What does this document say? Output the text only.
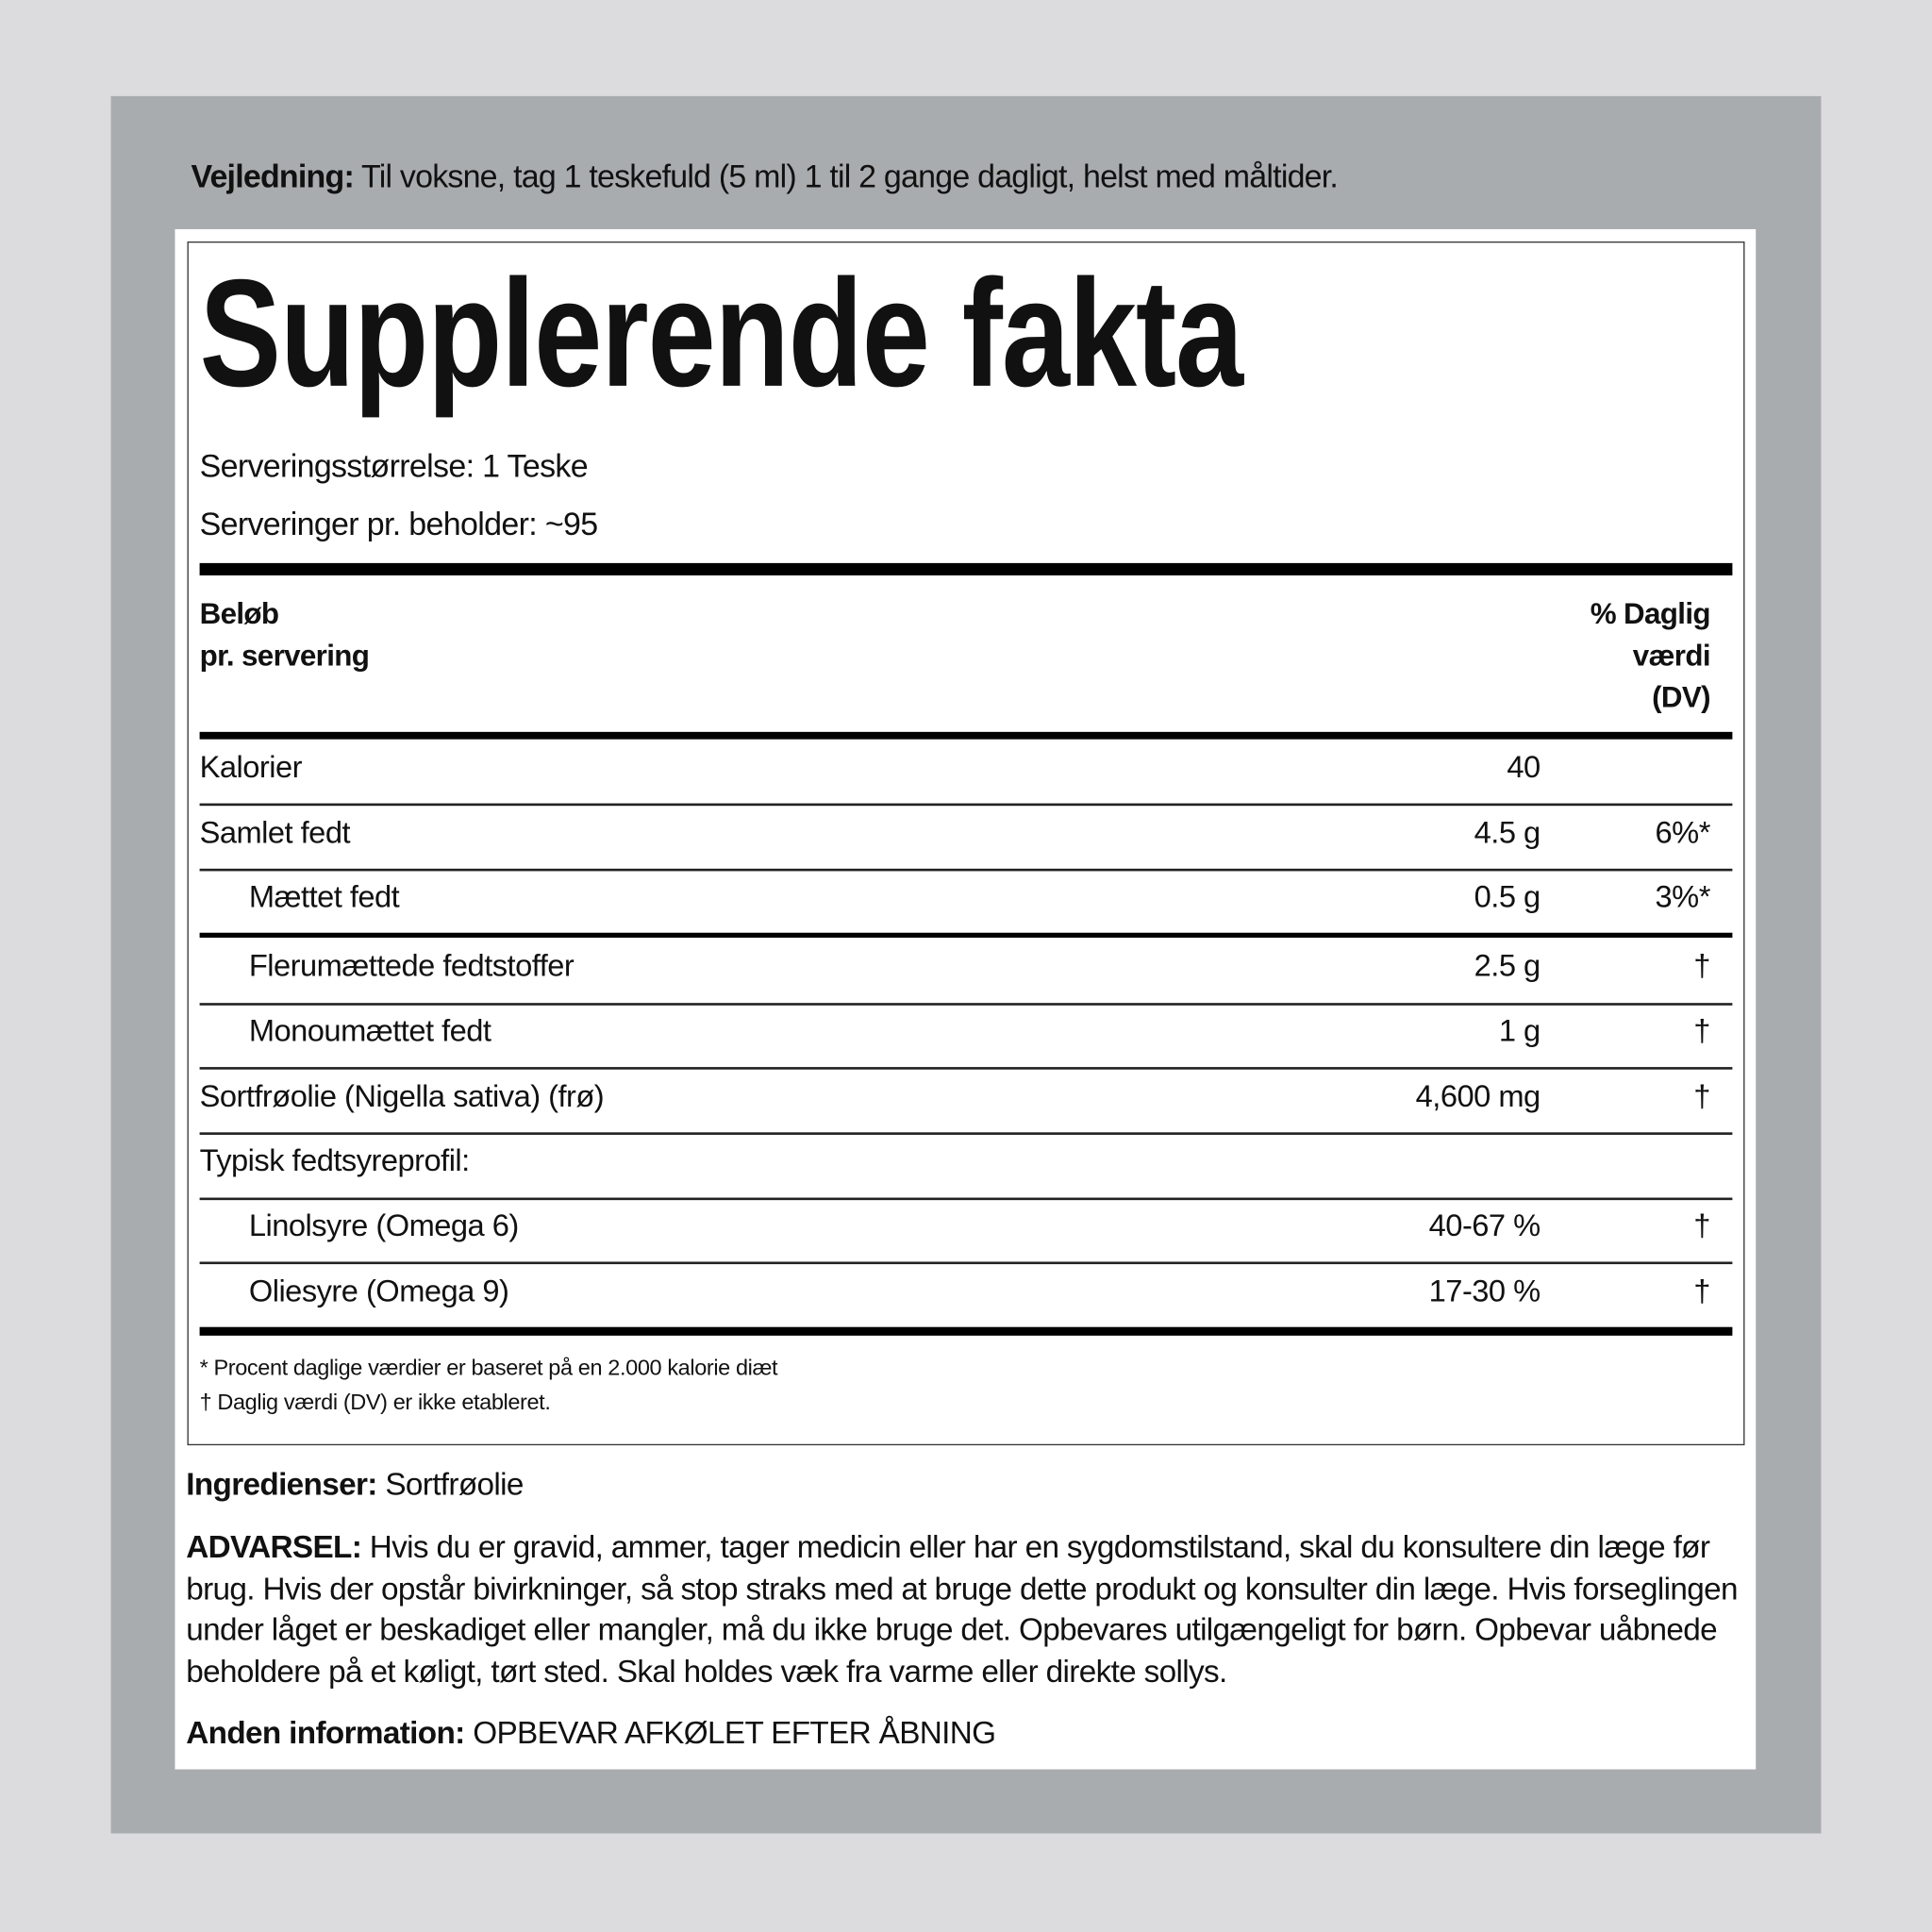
Vejledning: Til voksne, tag 1 teskefuld (5 ml) 1 til 2 gange dagligt, helst med måltider.
Supplerende fakta
Serveringsstørrelse: 1 Teske
Serveringer pr. beholder: ~95
Beløb
pr. servering
% Daglig
værdi
(DV)
Kalorier	40
Samlet fedt	4.5 g	6%*
Mættet fedt	0.5 g	3%*
Flerumættede fedtstoffer	2.5 g	†
Monoumættet fedt	1 g	†
Sortfrøolie (Nigella sativa) (frø)	4,600 mg	†
Typisk fedtsyreprofil:
Linolsyre (Omega 6)	40-67 %	†
Oliesyre (Omega 9)	17-30 %	†
* Procent daglige værdier er baseret på en 2.000 kalorie diæt
† Daglig værdi (DV) er ikke etableret.
Ingredienser: Sortfrøolie
ADVARSEL: Hvis du er gravid, ammer, tager medicin eller har en sygdomstilstand, skal du konsultere din læge før brug. Hvis der opstår bivirkninger, så stop straks med at bruge dette produkt og konsulter din læge. Hvis forseglingen under låget er beskadiget eller mangler, må du ikke bruge det. Opbevares utilgængeligt for børn. Opbevar uåbnede beholdere på et køligt, tørt sted. Skal holdes væk fra varme eller direkte sollys.
Anden information: OPBEVAR AFKØLET EFTER ÅBNING
